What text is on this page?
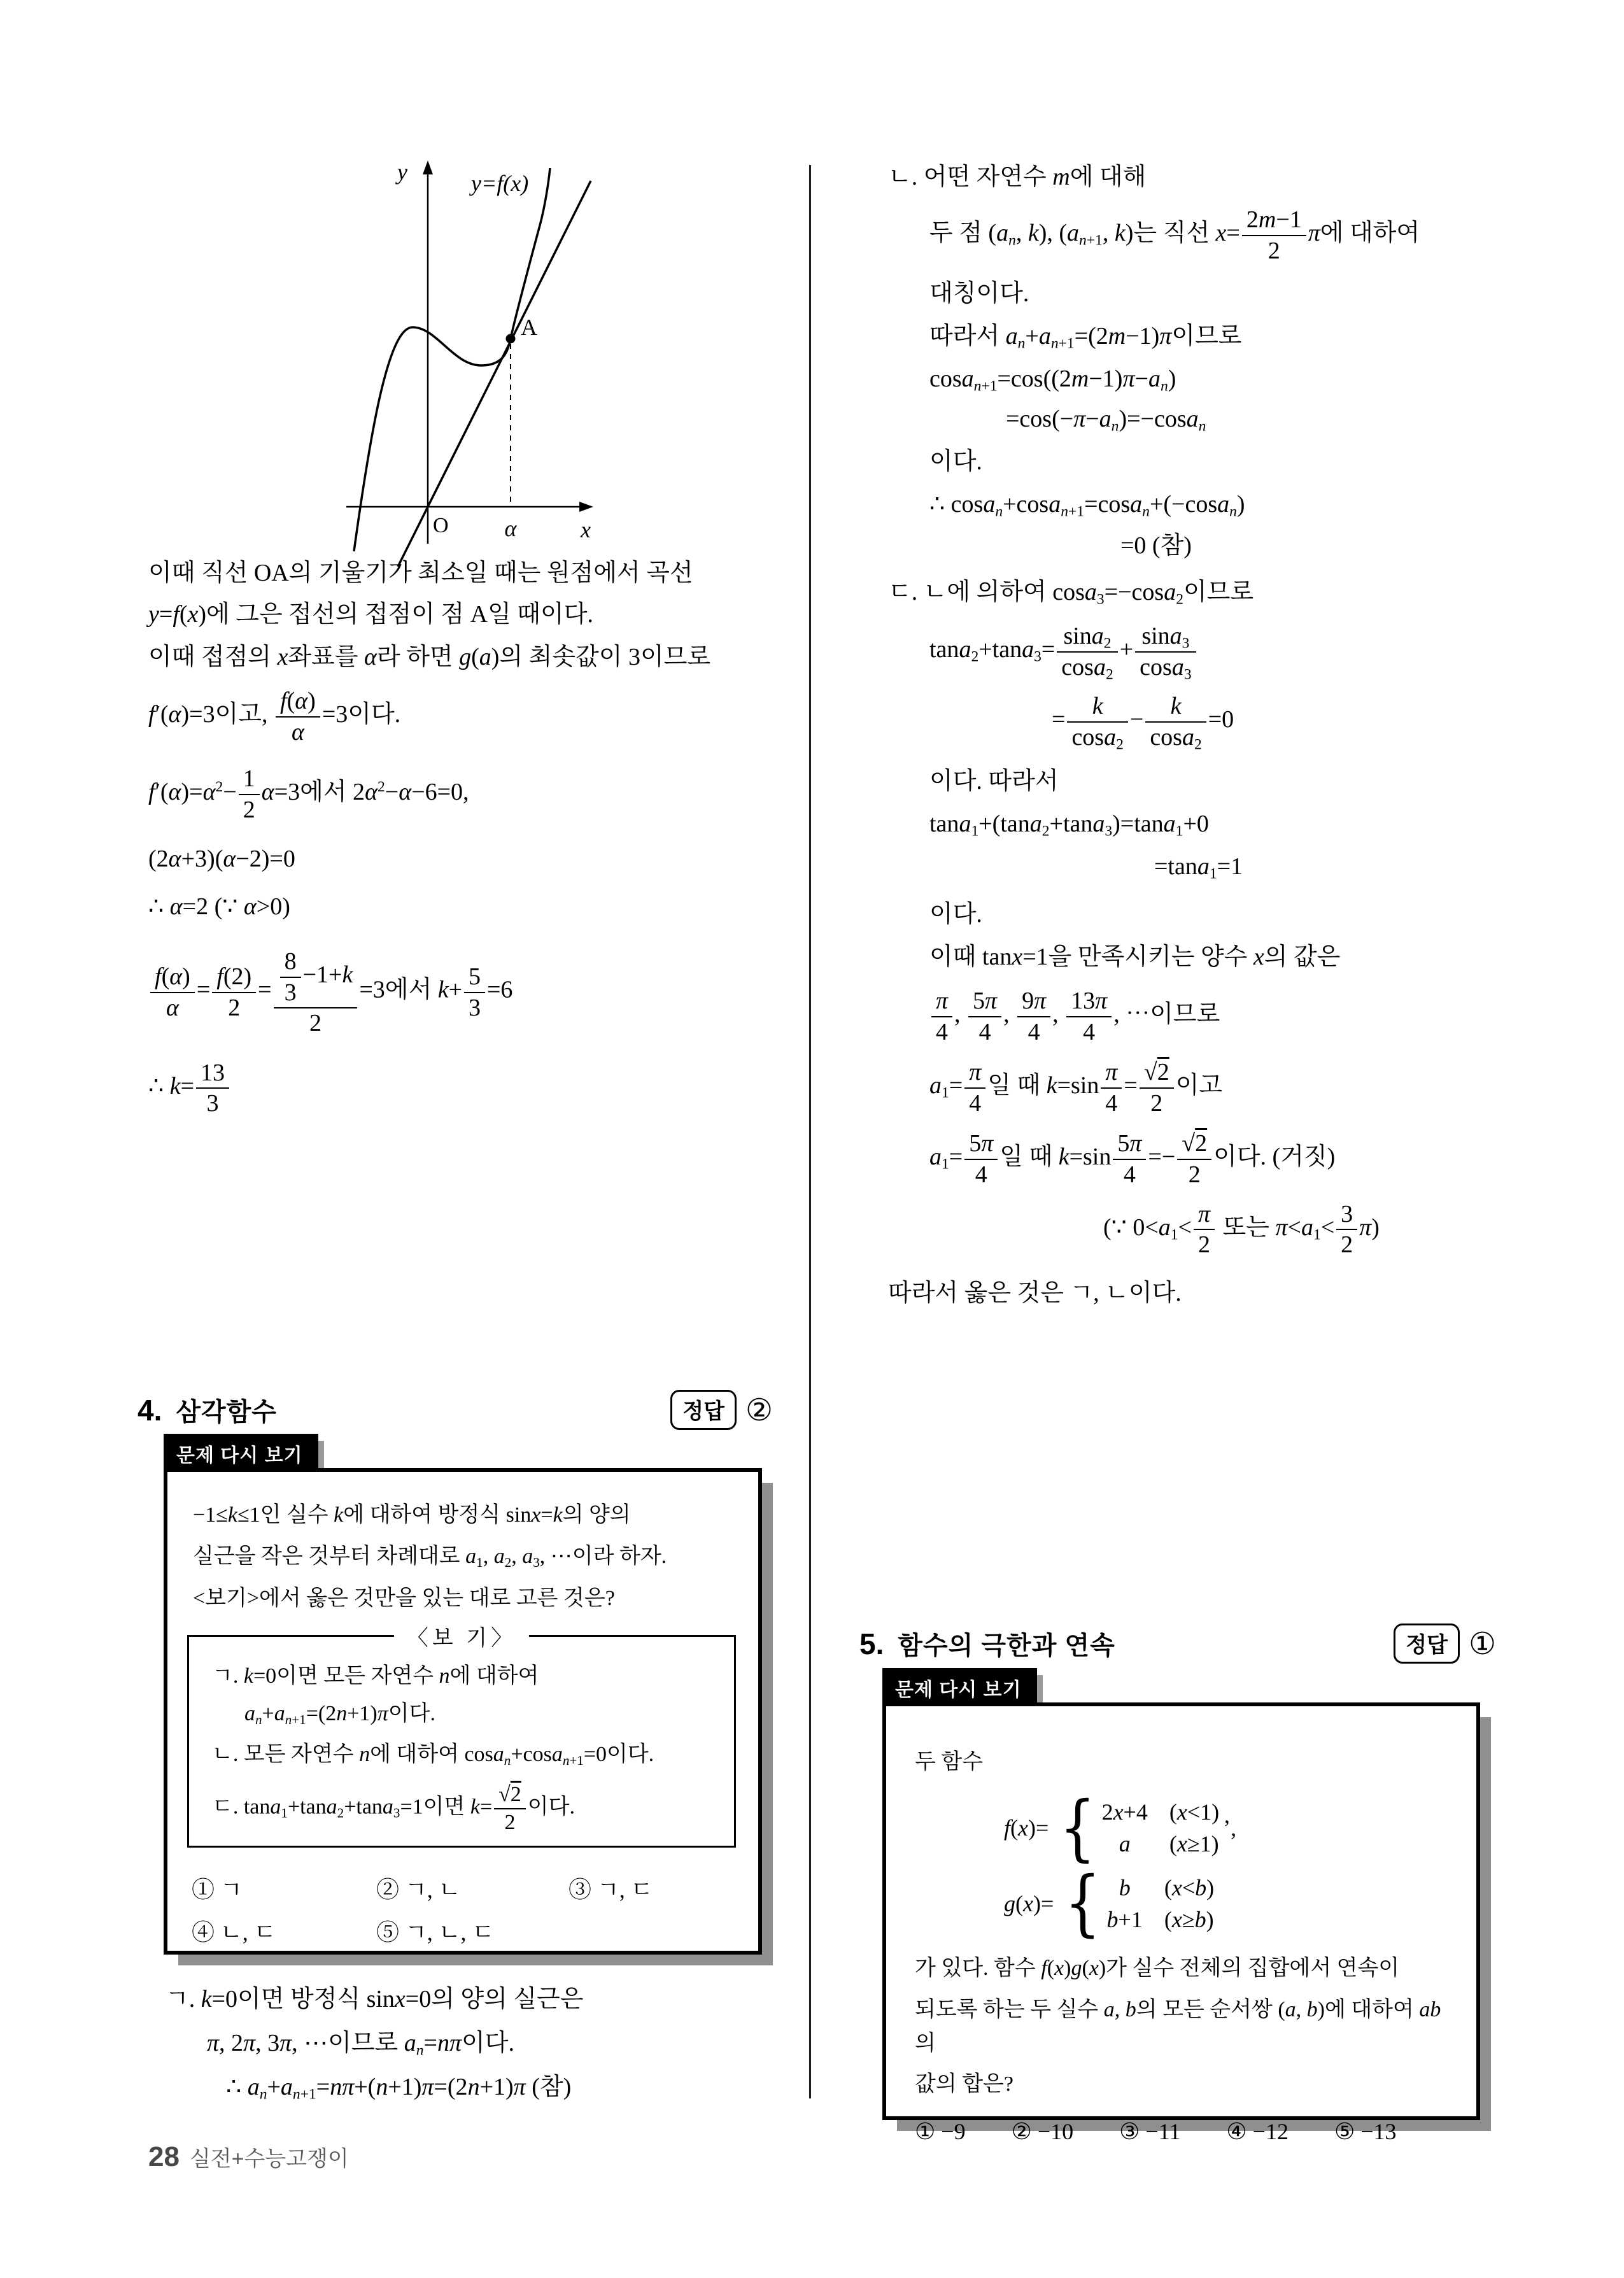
y	y=f(x)
A
O α	x
이때 직선 OA의 기울기가 최소일 때는 원점에서 곡선
y=f(x)에 그은 접선의 접점이 점 A일 때이다.
이때 접점의 x좌표를 α라 하면 g(a)의 최솟값이 3이므로
f′(α)=3이고, $\frac{f(\alpha)}{\alpha} =3$이다.
$f'(\alpha)=\alpha^2- \frac{1}{2} \alpha=3$에서 $2\alpha^2-\alpha-6=0$,
(2α+3)(α−2)=0
∴ α=2 (∵ α>0)
$\frac{f(\alpha)}{\alpha} = \frac{f(2)}{2} = \frac{\frac{8}{3} -1+k}{2} =3$에서 $k+ \frac{5}{3} =6$
∴ $k= \frac{13}{3}$
ㄴ. 어떤 자연수 m에 대해
두 점 ($a_n$, k), ($a_{n+1}$, k)는 직선 $x= \frac{2m-1}{2}$ π에 대하여
대칭이다.
따라서 $a_n+a_{n+1}=(2m-1)\pi$이므로
$\cos a_{n+1}=\cos((2m-1)\pi-a_n)$
$=\cos(-\pi-a_n)=-\cos a_n$
이다.
∴ cosa$_n$+cosa$_{n+1}$=cosa$_n$+(−cosa$_n$)
=0 (참)
ㄷ. ㄴ에 의하여 cosa$_3$=−cosa$_2$이므로
$\tan a_2+\tan a_3= \frac{\sin a_2}{\cos a_2} + \frac{\sin a_3}{\cos a_3}$
= $\frac{k}{\cos a_2} - \frac{k}{\cos a_2} =0$
이다. 따라서
tana$_1$+(tana$_2$+tana$_3$)=tana$_1$+0
=tana$_1$=1
이다.
이때 tanx=1을 만족시키는 양수 x의 값은
$\frac{\pi}{4}$ , $\frac{5\pi}{4}$ , $\frac{9\pi}{4}$ , $\frac{13\pi}{4}$ , ⋯이므로
$a_1= \frac{\pi}{4}$ 일 때 $k=\sin \frac{\pi}{4} = \frac{√2}{2}$ 이고
$a_1= \frac{5\pi}{4}$ 일 때 $k=\sin \frac{5\pi}{4} =- \frac{√2}{2}$ 이다. (거짓)
(∵ $0<a_1< \frac{\pi}{2}$ 또는 $\pi<a_1< \frac{3}{2} \pi$)
따라서 옳은 것은 ㄱ, ㄴ이다.
4. 삼각함수	정답 ②
문제 다시 보기
−1≤k≤1인 실수 k에 대하여 방정식 sinx=k의 양의
실근을 작은 것부터 차례대로 $a_1$, $a_2$, $a_3$, ⋯이라 하자.
<보기>에서 옳은 것만을 있는 대로 고른 것은?
〈보 기〉
ㄱ. k=0이면 모든 자연수 n에 대하여
$a_n+a_{n+1}=(2n+1)\pi$이다.
ㄴ. 모든 자연수 n에 대하여 cosa$_n$+cosa$_{n+1}$=0이다.
ㄷ. tana$_1$+tana$_2$+tana$_3$=1이면 $k= \frac{√2}{2}$ 이다.
① ㄱ	② ㄱ, ㄴ	③ ㄱ, ㄷ
④ ㄴ, ㄷ	⑤ ㄱ, ㄴ, ㄷ
ㄱ. k=0이면 방정식 sinx=0의 양의 실근은
π, 2π, 3π, ⋯이므로 $a_n=n\pi$이다.
∴ $a_n+a_{n+1}=n\pi+(n+1)\pi=(2n+1)\pi$ (참)
5. 함수의 극한과 연속	정답 ①
문제 다시 보기
두 함수
f(x)= { 2x+4 (x<1)
a (x≥1)
’,
g(x)= { b (x<b)
b+1 (x≥b)
가 있다. 함수 f(x)g(x)가 실수 전체의 집합에서 연속이
되도록 하는 두 실수 a, b의 모든 순서쌍 (a, b)에 대하여 ab의
값의 합은?
① −9 ② −10 ③ −11 ④ −12 ⑤ −13
28 실전+수능고쟁이
